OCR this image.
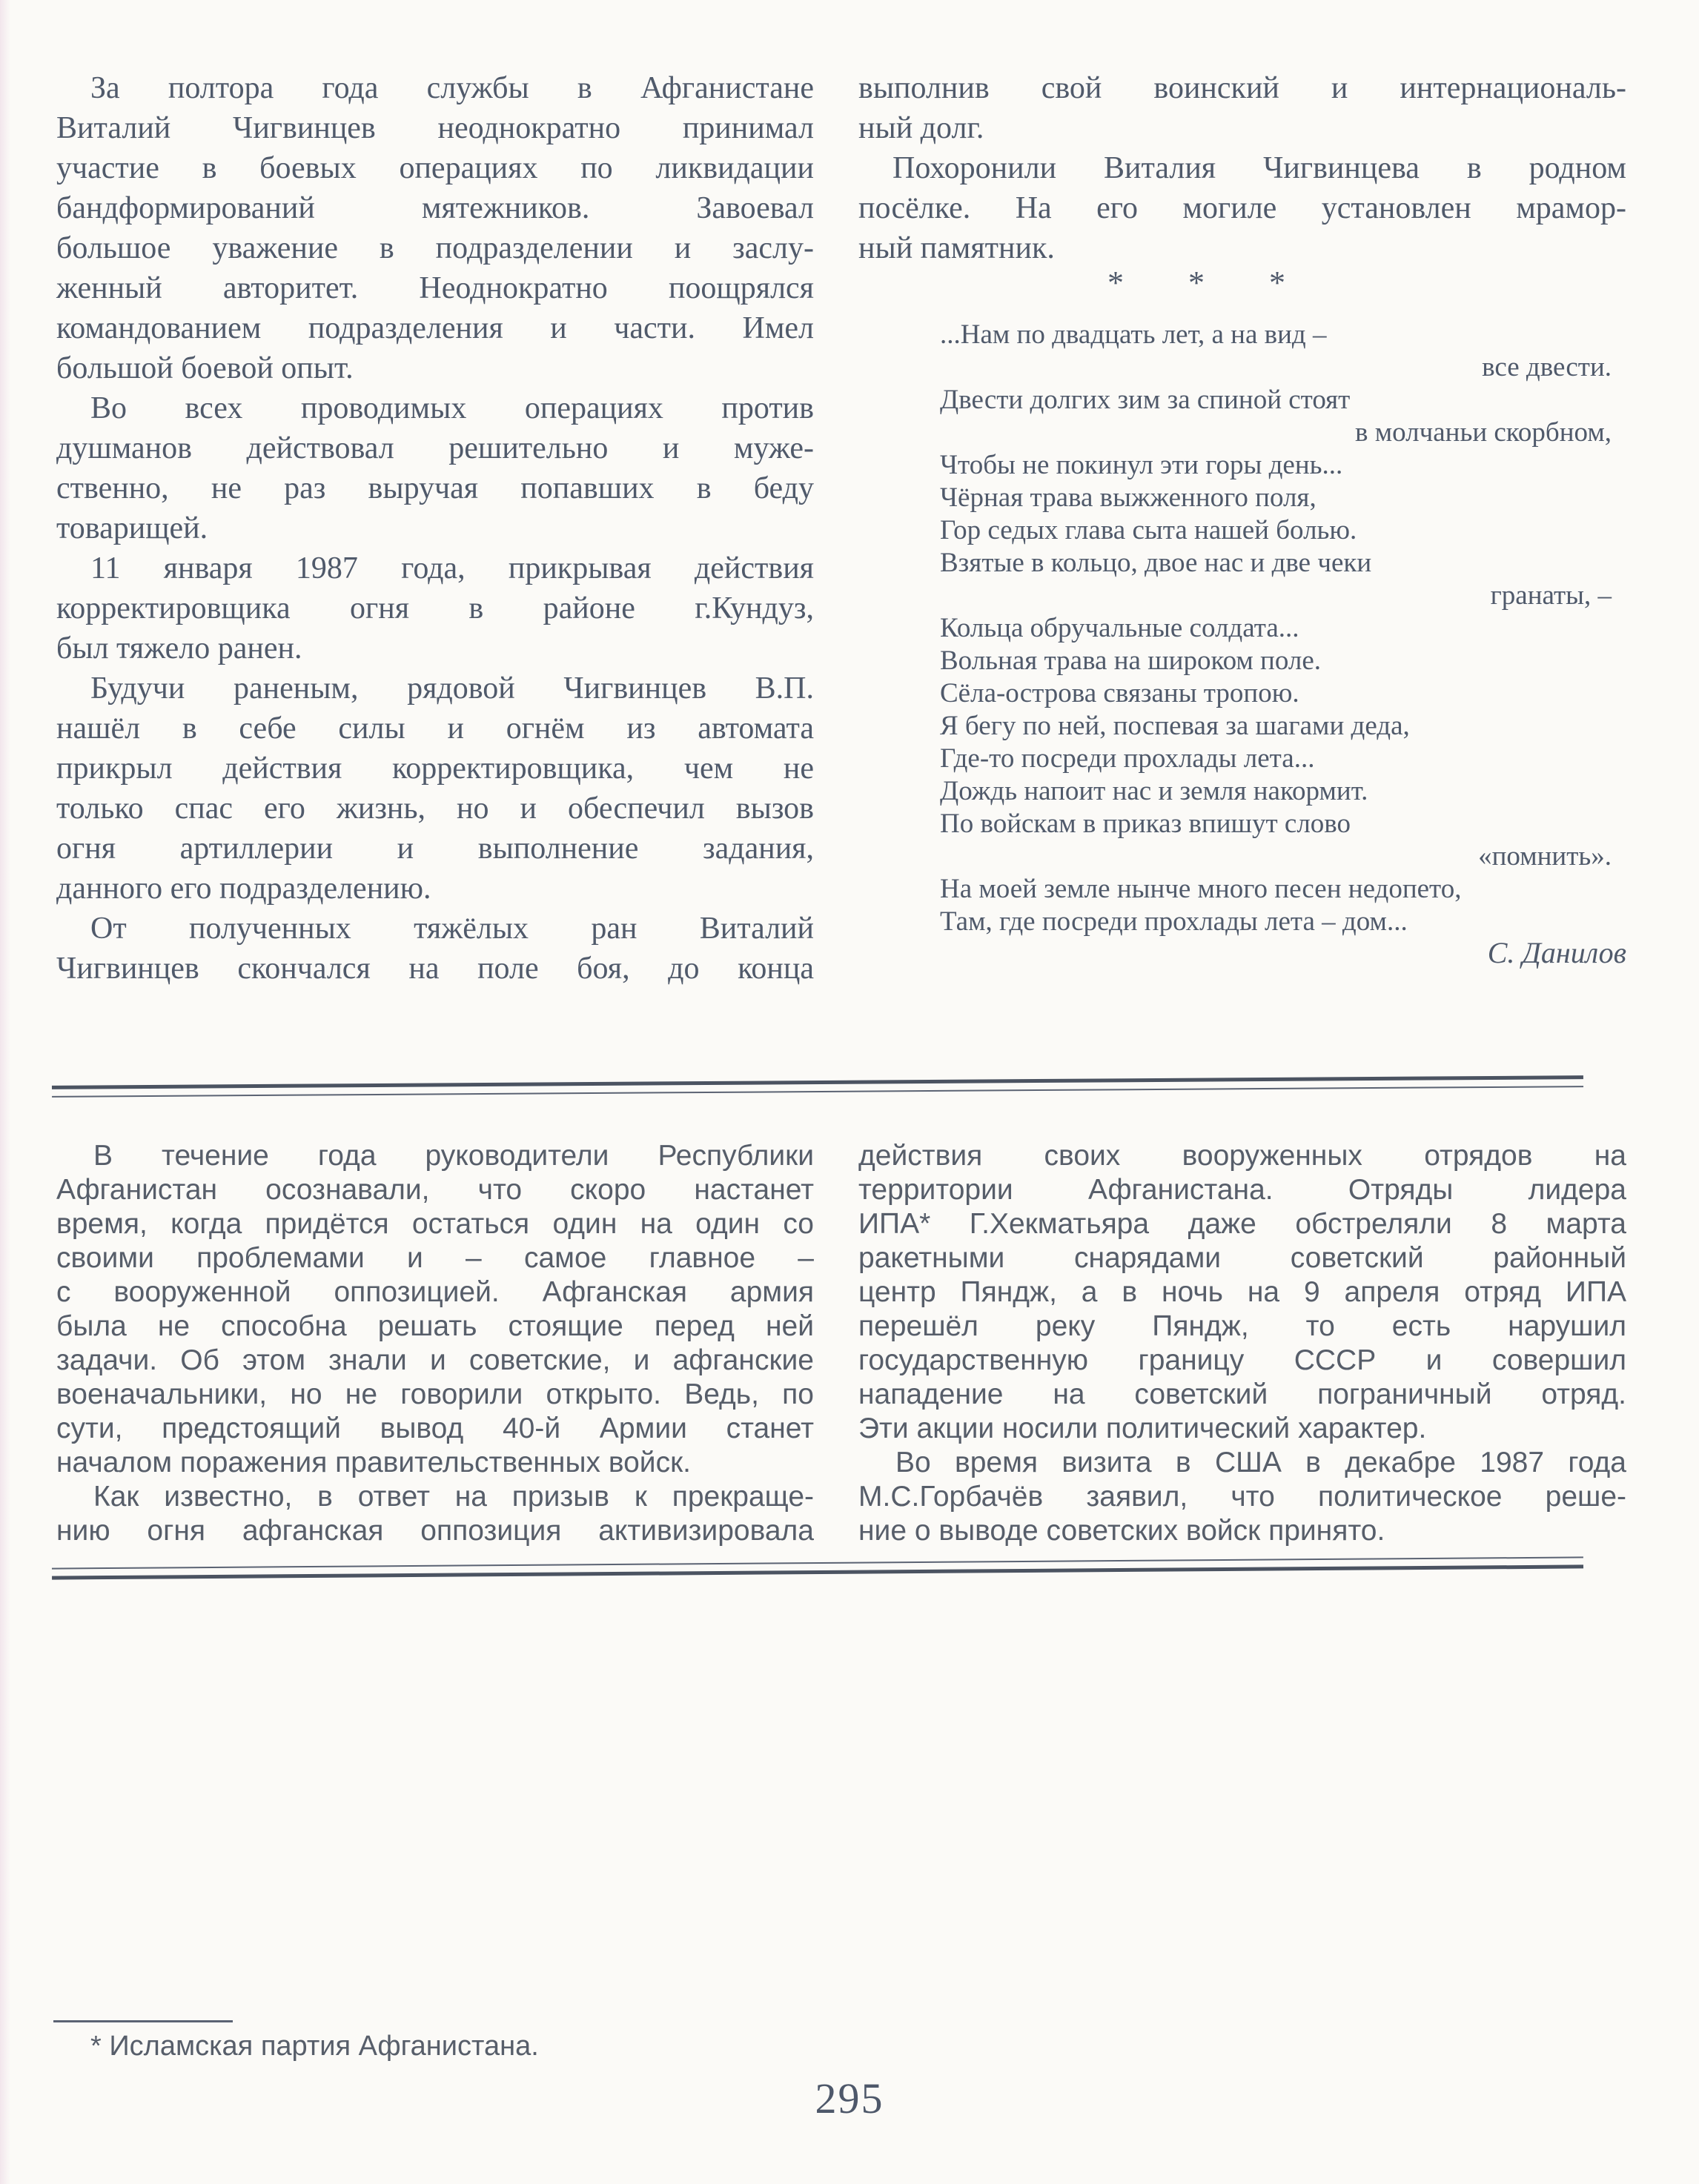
За полтора года службы в Афганистане
Виталий Чигвинцев неоднократно принимал
участие в боевых операциях по ликвидации
бандформирований мятежников. Завоевал
большое уважение в подразделении и заслу-
женный авторитет. Неоднократно поощрялся
командованием подразделения и части. Имел
большой боевой опыт.
Во всех проводимых операциях против
душманов действовал решительно и муже-
ственно, не раз выручая попавших в беду
товарищей.
11 января 1987 года, прикрывая действия
корректировщика огня в районе г.Кундуз,
был тяжело ранен.
Будучи раненым, рядовой Чигвинцев В.П.
нашёл в себе силы и огнём из автомата
прикрыл действия корректировщика, чем не
только спас его жизнь, но и обеспечил вызов
огня артиллерии и выполнение задания,
данного его подразделению.
От полученных тяжёлых ран Виталий
Чигвинцев скончался на поле боя, до конца
выполнив свой воинский и интернациональ-
ный долг.
Похоронили Виталия Чигвинцева в родном
посёлке. На его могиле установлен мрамор-
ный памятник.
* * *
...Нам по двадцать лет, а на вид –
все двести.
Двести долгих зим за спиной стоят
в молчаньи скорбном,
Чтобы не покинул эти горы день...
Чёрная трава выжженного поля,
Гор седых глава сыта нашей болью.
Взятые в кольцо, двое нас и две чеки
гранаты, –
Кольца обручальные солдата...
Вольная трава на широком поле.
Сёла-острова связаны тропою.
Я бегу по ней, поспевая за шагами деда,
Где-то посреди прохлады лета...
Дождь напоит нас и земля накормит.
По войскам в приказ впишут слово
«помнить».
На моей земле нынче много песен недопето,
Там, где посреди прохлады лета – дом...
С. Данилов
В течение года руководители Республики
Афганистан осознавали, что скоро настанет
время, когда придётся остаться один на один со
своими проблемами и – самое главное –
с вооруженной оппозицией. Афганская армия
была не способна решать стоящие перед ней
задачи. Об этом знали и советские, и афганские
военачальники, но не говорили открыто. Ведь, по
сути, предстоящий вывод 40-й Армии станет
началом поражения правительственных войск.
Как известно, в ответ на призыв к прекраще-
нию огня афганская оппозиция активизировала
действия своих вооруженных отрядов на
территории Афганистана. Отряды лидера
ИПА* Г.Хекматьяра даже обстреляли 8 марта
ракетными снарядами советский районный
центр Пяндж, а в ночь на 9 апреля отряд ИПА
перешёл реку Пяндж, то есть нарушил
государственную границу СССР и совершил
нападение на советский пограничный отряд.
Эти акции носили политический характер.
Во время визита в США в декабре 1987 года
М.С.Горбачёв заявил, что политическое реше-
ние о выводе советских войск принято.
* Исламская партия Афганистана.
295
